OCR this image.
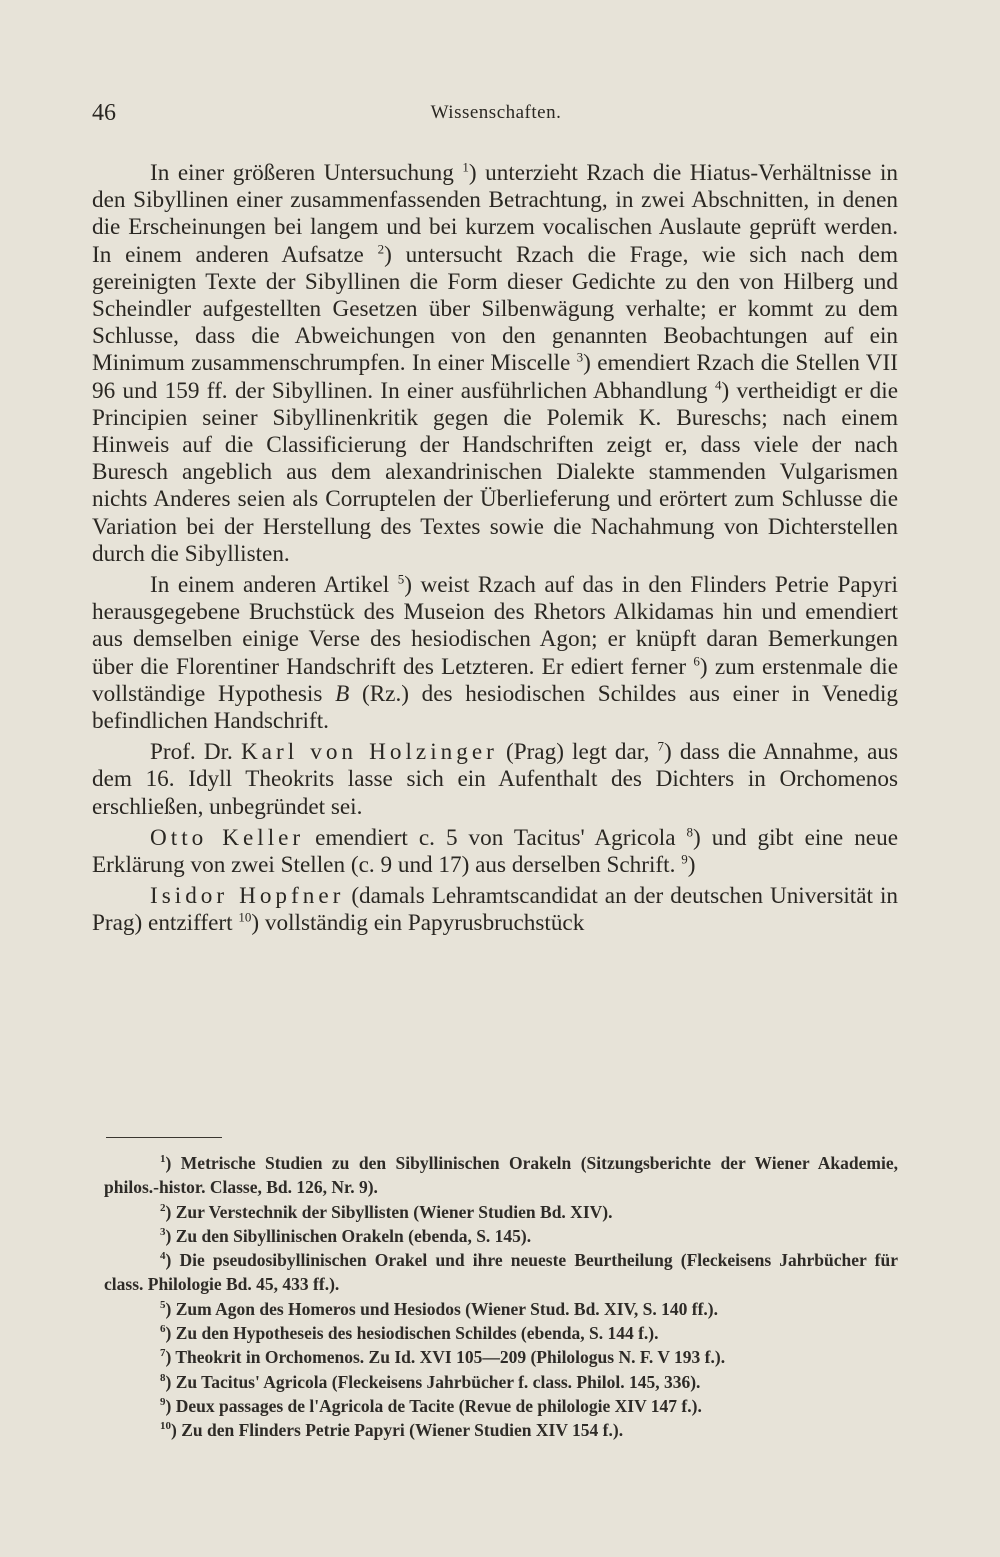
46	Wissenschaften.

In einer größeren Untersuchung $^1$) unterzieht Rzach die Hiatus-Verhältnisse in den Sibyllinen einer zusammenfassenden Betrachtung, in zwei Abschnitten, in denen die Erscheinungen bei langem und bei kurzem vocalischen Auslaute geprüft werden. In einem anderen Aufsatze $^2$) untersucht Rzach die Frage, wie sich nach dem gereinigten Texte der Sibyllinen die Form dieser Gedichte zu den von Hilberg und Scheindler aufgestellten Gesetzen über Silbenwägung verhalte; er kommt zu dem Schlusse, dass die Abweichungen von den genannten Beobachtungen auf ein Minimum zusammenschrumpfen. In einer Miscelle $^3$) emendiert Rzach die Stellen VII 96 und 159 ff. der Sibyllinen. In einer ausführlichen Abhandlung $^4$) vertheidigt er die Principien seiner Sibyllinenkritik gegen die Polemik K. Bureschs; nach einem Hinweis auf die Classificierung der Handschriften zeigt er, dass viele der nach Buresch angeblich aus dem alexandrinischen Dialekte stammenden Vulgarismen nichts Anderes seien als Corruptelen der Überlieferung und erörtert zum Schlusse die Variation bei der Herstellung des Textes sowie die Nachahmung von Dichterstellen durch die Sibyllisten.

In einem anderen Artikel $^5$) weist Rzach auf das in den Flinders Petrie Papyri herausgegebene Bruchstück des Museion des Rhetors Alkidamas hin und emendiert aus demselben einige Verse des hesiodischen Agon; er knüpft daran Bemerkungen über die Florentiner Handschrift des Letzteren. Er ediert ferner $^6$) zum erstenmale die vollständige Hypothesis B (Rz.) des hesiodischen Schildes aus einer in Venedig befindlichen Handschrift.

Prof. Dr. Karl von Holzinger (Prag) legt dar, $^7$) dass die Annahme, aus dem 16. Idyll Theokrits lasse sich ein Aufenthalt des Dichters in Orchomenos erschließen, unbegründet sei.

Otto Keller emendiert c. 5 von Tacitus' Agricola $^8$) und gibt eine neue Erklärung von zwei Stellen (c. 9 und 17) aus derselben Schrift. $^9$)

Isidor Hopfner (damals Lehramtscandidat an der deutschen Universität in Prag) entziffert $^{10}$) vollständig ein Papyrusbruchstück

$^1$) Metrische Studien zu den Sibyllinischen Orakeln (Sitzungsberichte der Wiener Akademie, philos.-histor. Classe, Bd. 126, Nr. 9).

$^2$) Zur Verstechnik der Sibyllisten (Wiener Studien Bd. XIV).

$^3$) Zu den Sibyllinischen Orakeln (ebenda, S. 145).

$^4$) Die pseudosibyllinischen Orakel und ihre neueste Beurtheilung (Fleckeisens Jahrbücher für class. Philologie Bd. 45, 433 ff.).

$^5$) Zum Agon des Homeros und Hesiodos (Wiener Stud. Bd. XIV, S. 140 ff.).

$^6$) Zu den Hypotheseis des hesiodischen Schildes (ebenda, S. 144 f.).

$^7$) Theokrit in Orchomenos. Zu Id. XVI 105—209 (Philologus N. F. V 193 f.).

$^8$) Zu Tacitus' Agricola (Fleckeisens Jahrbücher f. class. Philol. 145, 336).

$^9$) Deux passages de l'Agricola de Tacite (Revue de philologie XIV 147 f.).

$^{10}$) Zu den Flinders Petrie Papyri (Wiener Studien XIV 154 f.).
